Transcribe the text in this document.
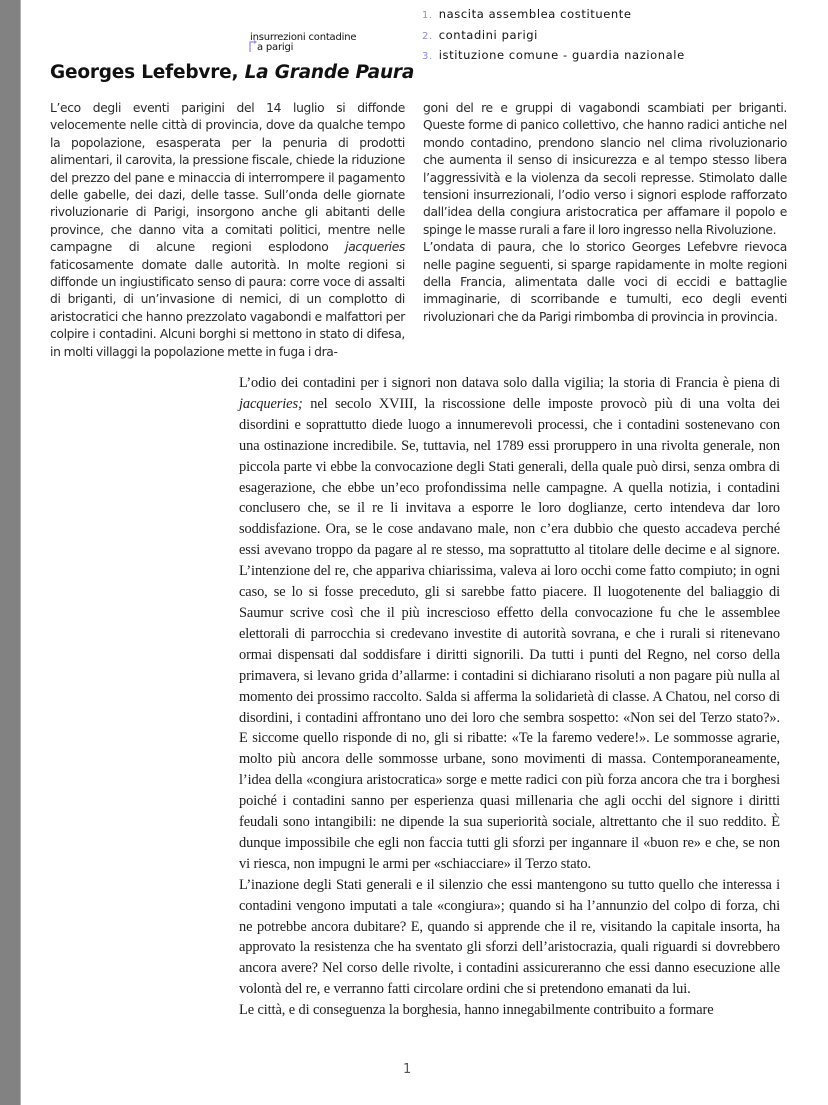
insurrezioni contadine
a parigi
1. nascita assemblea costituente
2. contadini parigi
3. istituzione comune - guardia nazionale
Georges Lefebvre, La Grande Paura

L’eco degli eventi parigini del 14 luglio si diffonde velocemente nelle città di provincia, dove da qualche tempo la popolazione, esasperata per la penuria di prodotti alimentari, il carovita, la pressione fiscale, chiede la riduzione del prezzo del pane e minaccia di interrompere il pagamento delle gabelle, dei dazi, delle tasse. Sull’onda delle giornate rivoluzionarie di Parigi, insorgono anche gli abitanti delle province, che danno vita a comitati politici, mentre nelle campagne di alcune regioni esplodono jacqueries faticosamente domate dalle autorità. In molte regioni si diffonde un ingiustificato senso di paura: corre voce di assalti di briganti, di un’invasione di nemici, di un complotto di aristocratici che hanno prezzolato vagabondi e malfattori per colpire i contadini. Alcuni borghi si mettono in stato di difesa, in molti villaggi la popolazione mette in fuga i dra-

goni del re e gruppi di vagabondi scambiati per briganti. Queste forme di panico collettivo, che hanno radici antiche nel mondo contadino, prendono slancio nel clima rivoluzionario che aumenta il senso di insicurezza e al tempo stesso libera l’aggressività e la violenza da secoli represse. Stimolato dalle tensioni insurrezionali, l’odio verso i signori esplode rafforzato dall’idea della congiura aristocratica per affamare il popolo e spinge le masse rurali a fare il loro ingresso nella Rivoluzione.

L’ondata di paura, che lo storico Georges Lefebvre rievoca nelle pagine seguenti, si sparge rapidamente in molte regioni della Francia, alimentata dalle voci di eccidi e battaglie immaginarie, di scorribande e tumulti, eco degli eventi rivoluzionari che da Parigi rimbomba di provincia in provincia.

L’odio dei contadini per i signori non datava solo dalla vigilia; la storia di Francia è piena di jacqueries; nel secolo XVIII, la riscossione delle imposte provocò più di una volta dei disordini e soprattutto diede luogo a innumerevoli processi, che i contadini sostenevano con una ostinazione incredibile. Se, tuttavia, nel 1789 essi proruppero in una rivolta generale, non piccola parte vi ebbe la convocazione degli Stati generali, della quale può dirsi, senza ombra di esagerazione, che ebbe un’eco profondissima nelle campagne. A quella notizia, i contadini conclusero che, se il re li invitava a esporre le loro doglianze, certo intendeva dar loro soddisfazione. Ora, se le cose andavano male, non c’era dubbio che questo accadeva perché essi avevano troppo da pagare al re stesso, ma soprattutto al titolare delle decime e al signore. L’intenzione del re, che appariva chiarissima, valeva ai loro occhi come fatto compiuto; in ogni caso, se lo si fosse preceduto, gli si sarebbe fatto piacere. Il luogotenente del baliaggio di Saumur scrive così che il più increscioso effetto della convocazione fu che le assemblee elettorali di parrocchia si credevano investite di autorità sovrana, e che i rurali si ritenevano ormai dispensati dal soddisfare i diritti signorili. Da tutti i punti del Regno, nel corso della primavera, si levano grida d’allarme: i contadini si dichiarano risoluti a non pagare più nulla al momento dei prossimo raccolto. Salda si afferma la solidarietà di classe. A Chatou, nel corso di disordini, i contadini affrontano uno dei loro che sembra sospetto: «Non sei del Terzo stato?». E siccome quello risponde di no, gli si ribatte: «Te la faremo vedere!». Le sommosse agrarie, molto più ancora delle sommosse urbane, sono movimenti di massa. Contemporaneamente, l’idea della «congiura aristocratica» sorge e mette radici con più forza ancora che tra i borghesi poiché i contadini sanno per esperienza quasi millenaria che agli occhi del signore i diritti feudali sono intangibili: ne dipende la sua superiorità sociale, altrettanto che il suo reddito. È dunque impossibile che egli non faccia tutti gli sforzi per ingannare il «buon re» e che, se non vi riesca, non impugni le armi per «schiacciare» il Terzo stato.

L’inazione degli Stati generali e il silenzio che essi mantengono su tutto quello che interessa i contadini vengono imputati a tale «congiura»; quando si ha l’annunzio del colpo di forza, chi ne potrebbe ancora dubitare? E, quando si apprende che il re, visitando la capitale insorta, ha approvato la resistenza che ha sventato gli sforzi dell’aristocrazia, quali riguardi si dovrebbero ancora avere? Nel corso delle rivolte, i contadini assicureranno che essi danno esecuzione alle volontà del re, e verranno fatti circolare ordini che si pretendono emanati da lui.

Le città, e di conseguenza la borghesia, hanno innegabilmente contribuito a formare

1
